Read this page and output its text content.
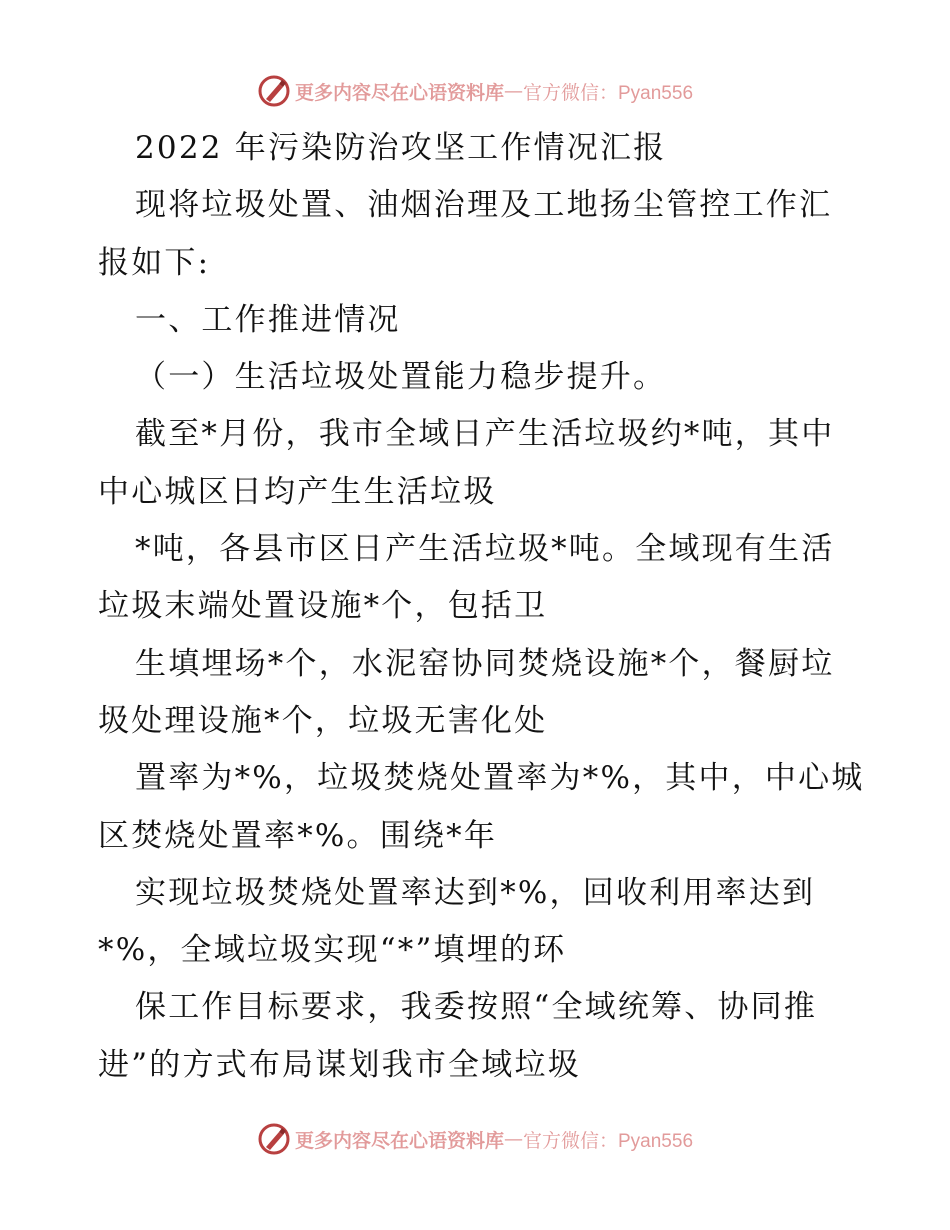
更多内容尽在心语资料库 — 官方微信：Pyan556
2022 年污染防治攻坚工作情况汇报
现将垃圾处置、油烟治理及工地扬尘管控工作汇
报如下:
一、工作推进情况
（一）生活垃圾处置能力稳步提升。
截至*月份，我市全域日产生活垃圾约*吨，其中
中心城区日均产生生活垃圾
*吨，各县市区日产生活垃圾*吨。全域现有生活
垃圾末端处置设施*个，包括卫
生填埋场*个，水泥窑协同焚烧设施*个，餐厨垃
圾处理设施*个，垃圾无害化处
置率为*%，垃圾焚烧处置率为*%，其中，中心城
区焚烧处置率*%。围绕*年
实现垃圾焚烧处置率达到*%，回收利用率达到
*%，全域垃圾实现“*”填埋的环
保工作目标要求，我委按照“全域统筹、协同推
进”的方式布局谋划我市全域垃圾
更多内容尽在心语资料库 — 官方微信：Pyan556
